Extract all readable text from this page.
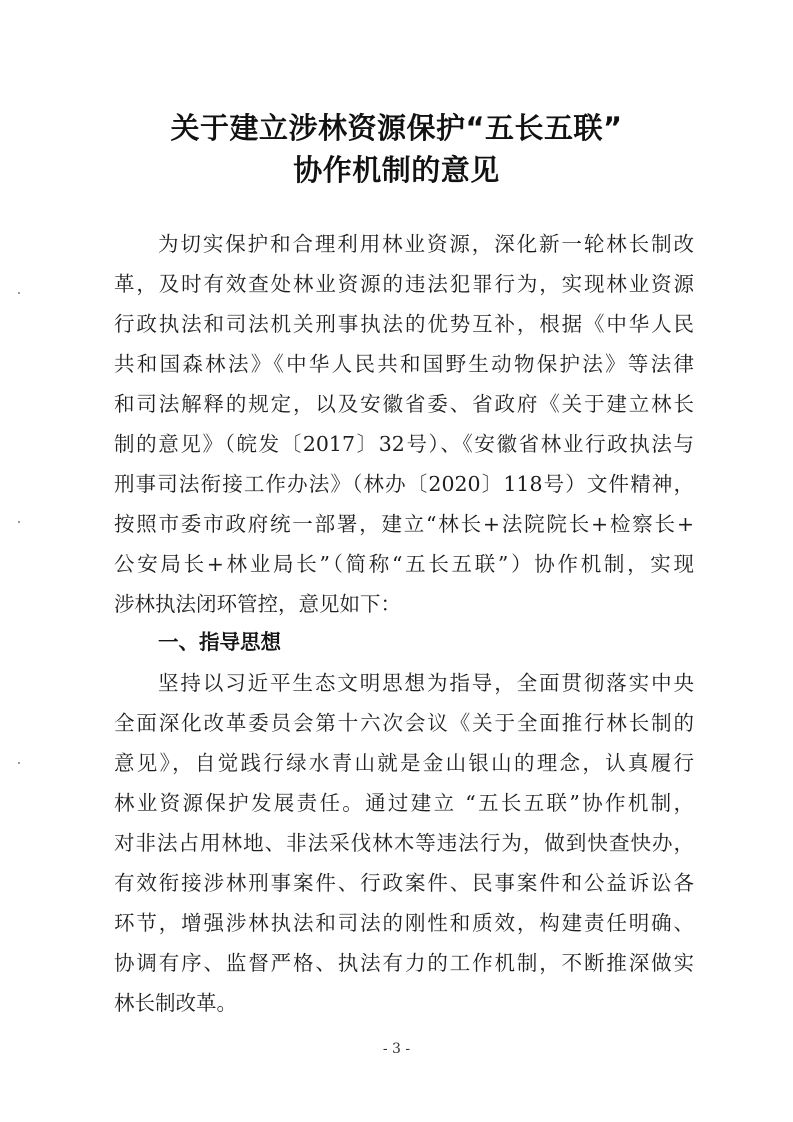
关于建立涉林资源保护“五长五联”
协作机制的意见
为切实保护和合理利用林业资源，深化新一轮林长制改
革，及时有效查处林业资源的违法犯罪行为，实现林业资源
行政执法和司法机关刑事执法的优势互补，根据《中华人民
共和国森林法》《中华人民共和国野生动物保护法》等法律
和司法解释的规定，以及安徽省委、省政府《关于建立林长
制的意见》（皖发〔2017〕32号）、《安徽省林业行政执法与
刑事司法衔接工作办法》（林办〔2020〕118号）文件精神，
按照市委市政府统一部署，建立“林长+法院院长+检察长+
公安局长+林业局长”（简称“五长五联”）协作机制，实现
涉林执法闭环管控，意见如下：
一、指导思想
坚持以习近平生态文明思想为指导，全面贯彻落实中央
全面深化改革委员会第十六次会议《关于全面推行林长制的
意见》，自觉践行绿水青山就是金山银山的理念，认真履行
林业资源保护发展责任。通过建立 “五长五联”协作机制，
对非法占用林地、非法采伐林木等违法行为，做到快查快办，
有效衔接涉林刑事案件、行政案件、民事案件和公益诉讼各
环节，增强涉林执法和司法的刚性和质效，构建责任明确、
协调有序、监督严格、执法有力的工作机制，不断推深做实
林长制改革。
- 3 -
